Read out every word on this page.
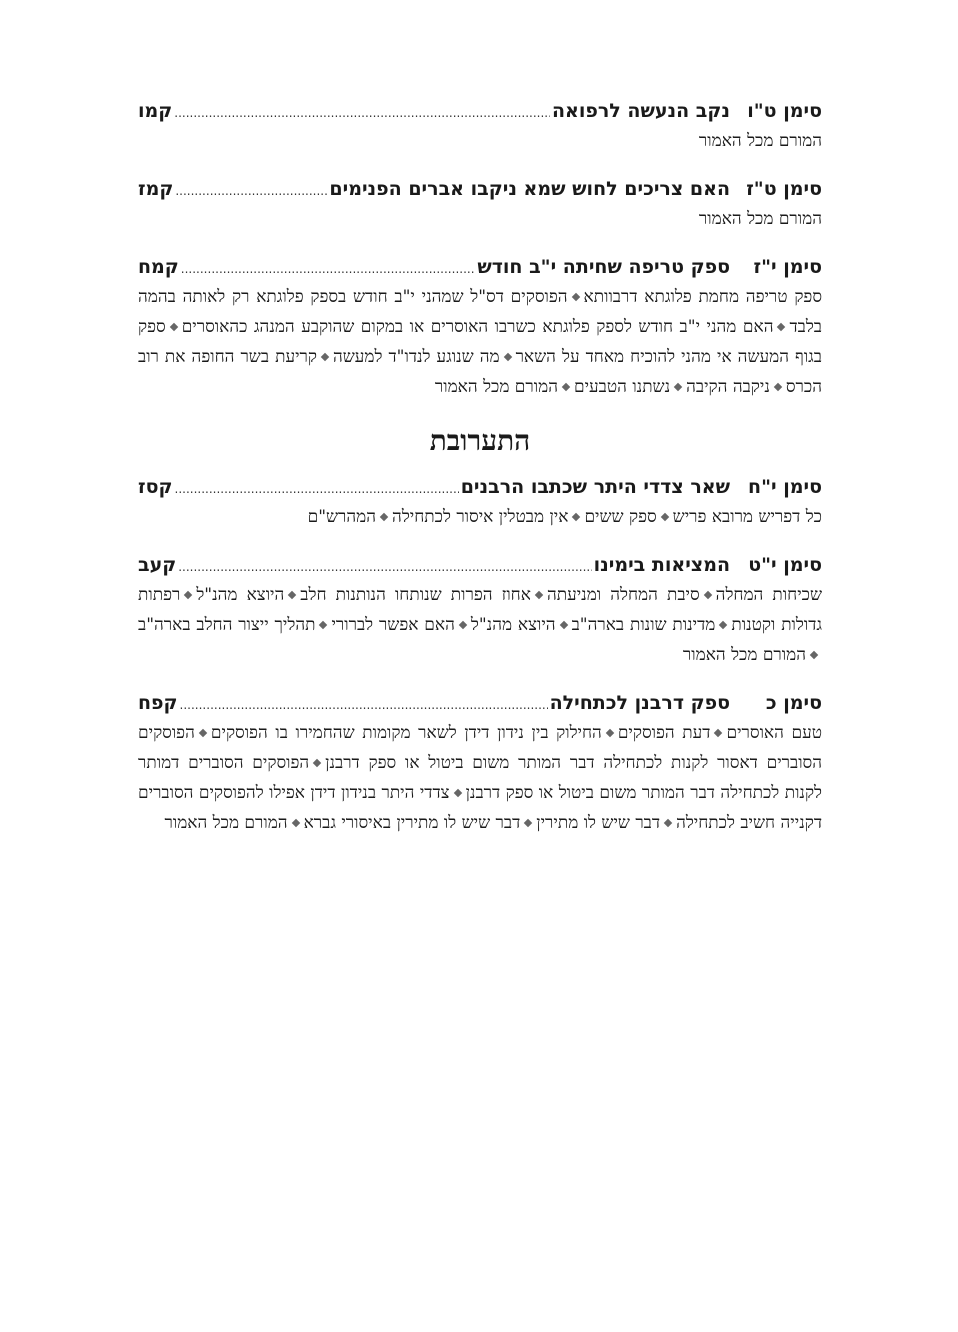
סימן ט"ו
נקב הנעשה לרפואה
.....
קמו

המורם מכל האמור

סימן ט"ז
האם צריכים לחוש שמא ניקבו אברים הפנימים
.....
קמז

המורם מכל האמור

סימן י"ז
ספק טריפה שחיתה י"ב חודש
.....
קמח

ספק טריפה מחמת פלוגתא דרבוותאהפוסקים דס"ל שמהני י"ב חודש בספק פלוגתא רק לאותה בהמה בלבדהאם מהני י"ב חודש לספק פלוגתא כשרבו האוסרים או במקום שהוקבע המנהג כהאוסריםספק בגוף המעשה אי מהני להוכיח מאחד על השארמה שנוגע לנדו"ד למעשהקריעת בשר החופה את רוב הכרסניקבה הקיבהנשתנו הטבעיםהמורם מכל האמור

התערובת
סימן י"ח
שאר צדדי היתר שכתבו הרבנים
.....
קסז

כל דפריש מרובא פרישספק ששיםאין מבטלין איסור לכתחילההמהרש"ם

סימן י"ט
המציאות בימינו
.....
קעב

שכיחות המחלהסיבת המחלה ומניעתהאחוז הפרות שנותחו הנותנות חלבהיוצא מהנ"לרפתות גדולות וקטנותמדינות שונות בארה"בהיוצא מהנ"להאם אפשר לברוריתהליך ייצור החלב בארה"בהמורם מכל האמור

סימן כ
ספק דרבנן לכתחילה
.....
קפח

טעם האוסריםדעת הפוסקיםהחילוק בין נידון דידן לשאר מקומות שהחמירו בו הפוסקיםהפוסקים הסוברים דאסור לקנות לכתחילה דבר המותר משום ביטול או ספק דרבנןהפוסקים הסוברים דמותר לקנות לכתחילה דבר המותר משום ביטול או ספק דרבנןצדדי היתר בנידון דידן אפילו להפוסקים הסוברים דקנייה חשיב לכתחילהדבר שיש לו מתיריןדבר שיש לו מתירין באיסורי גבראהמורם מכל האמור
